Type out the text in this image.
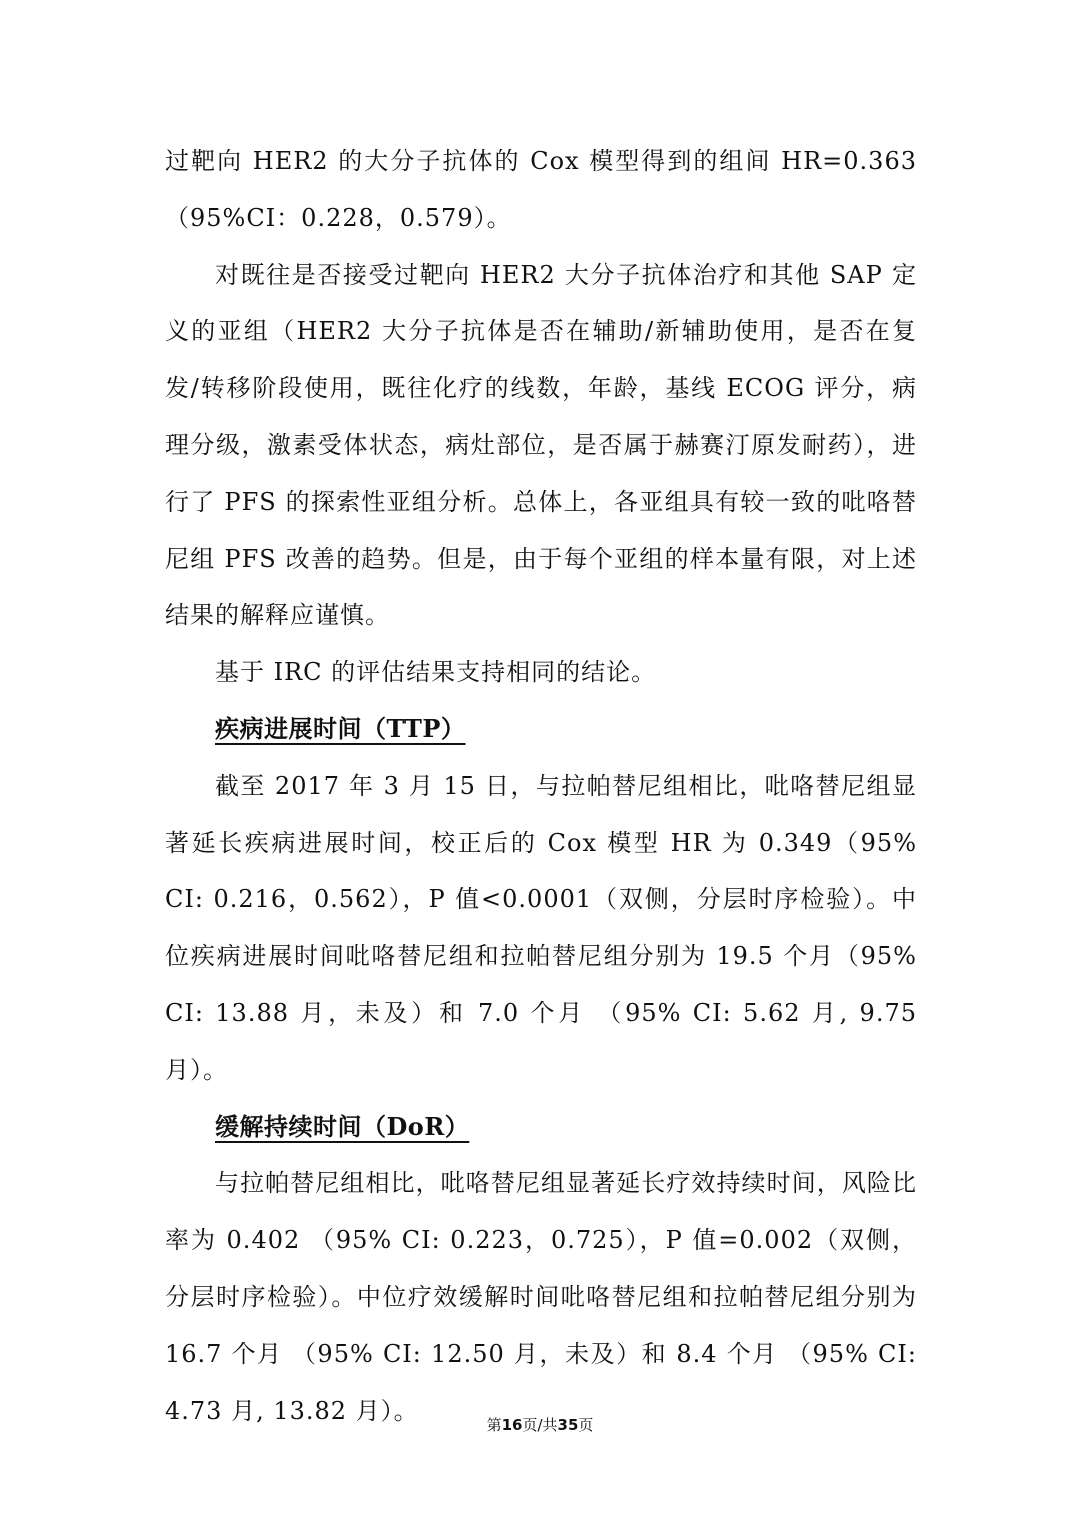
过靶向 HER2 的大分子抗体的 Cox 模型得到的组间 HR=0.363（95%CI：0.228，0.579）。

对既往是否接受过靶向 HER2 大分子抗体治疗和其他 SAP 定义的亚组（HER2 大分子抗体是否在辅助/新辅助使用，是否在复发/转移阶段使用，既往化疗的线数，年龄，基线 ECOG 评分，病理分级，激素受体状态，病灶部位，是否属于赫赛汀原发耐药），进行了 PFS 的探索性亚组分析。总体上，各亚组具有较一致的吡咯替尼组 PFS 改善的趋势。但是，由于每个亚组的样本量有限，对上述结果的解释应谨慎。

基于 IRC 的评估结果支持相同的结论。

疾病进展时间（TTP）

截至 2017 年 3 月 15 日，与拉帕替尼组相比，吡咯替尼组显著延长疾病进展时间，校正后的 Cox 模型 HR 为 0.349（95% CI: 0.216，0.562），P 值<0.0001（双侧，分层时序检验）。中位疾病进展时间吡咯替尼组和拉帕替尼组分别为 19.5 个月（95% CI: 13.88 月，未及）和 7.0 个月 （95% CI: 5.62 月, 9.75 月）。

缓解持续时间（DoR）

与拉帕替尼组相比，吡咯替尼组显著延长疗效持续时间，风险比率为 0.402 （95% CI: 0.223，0.725），P 值=0.002（双侧，分层时序检验）。中位疗效缓解时间吡咯替尼组和拉帕替尼组分别为 16.7 个月 （95% CI: 12.50 月，未及）和 8.4 个月 （95% CI: 4.73 月, 13.82 月）。

第16页/共35页
